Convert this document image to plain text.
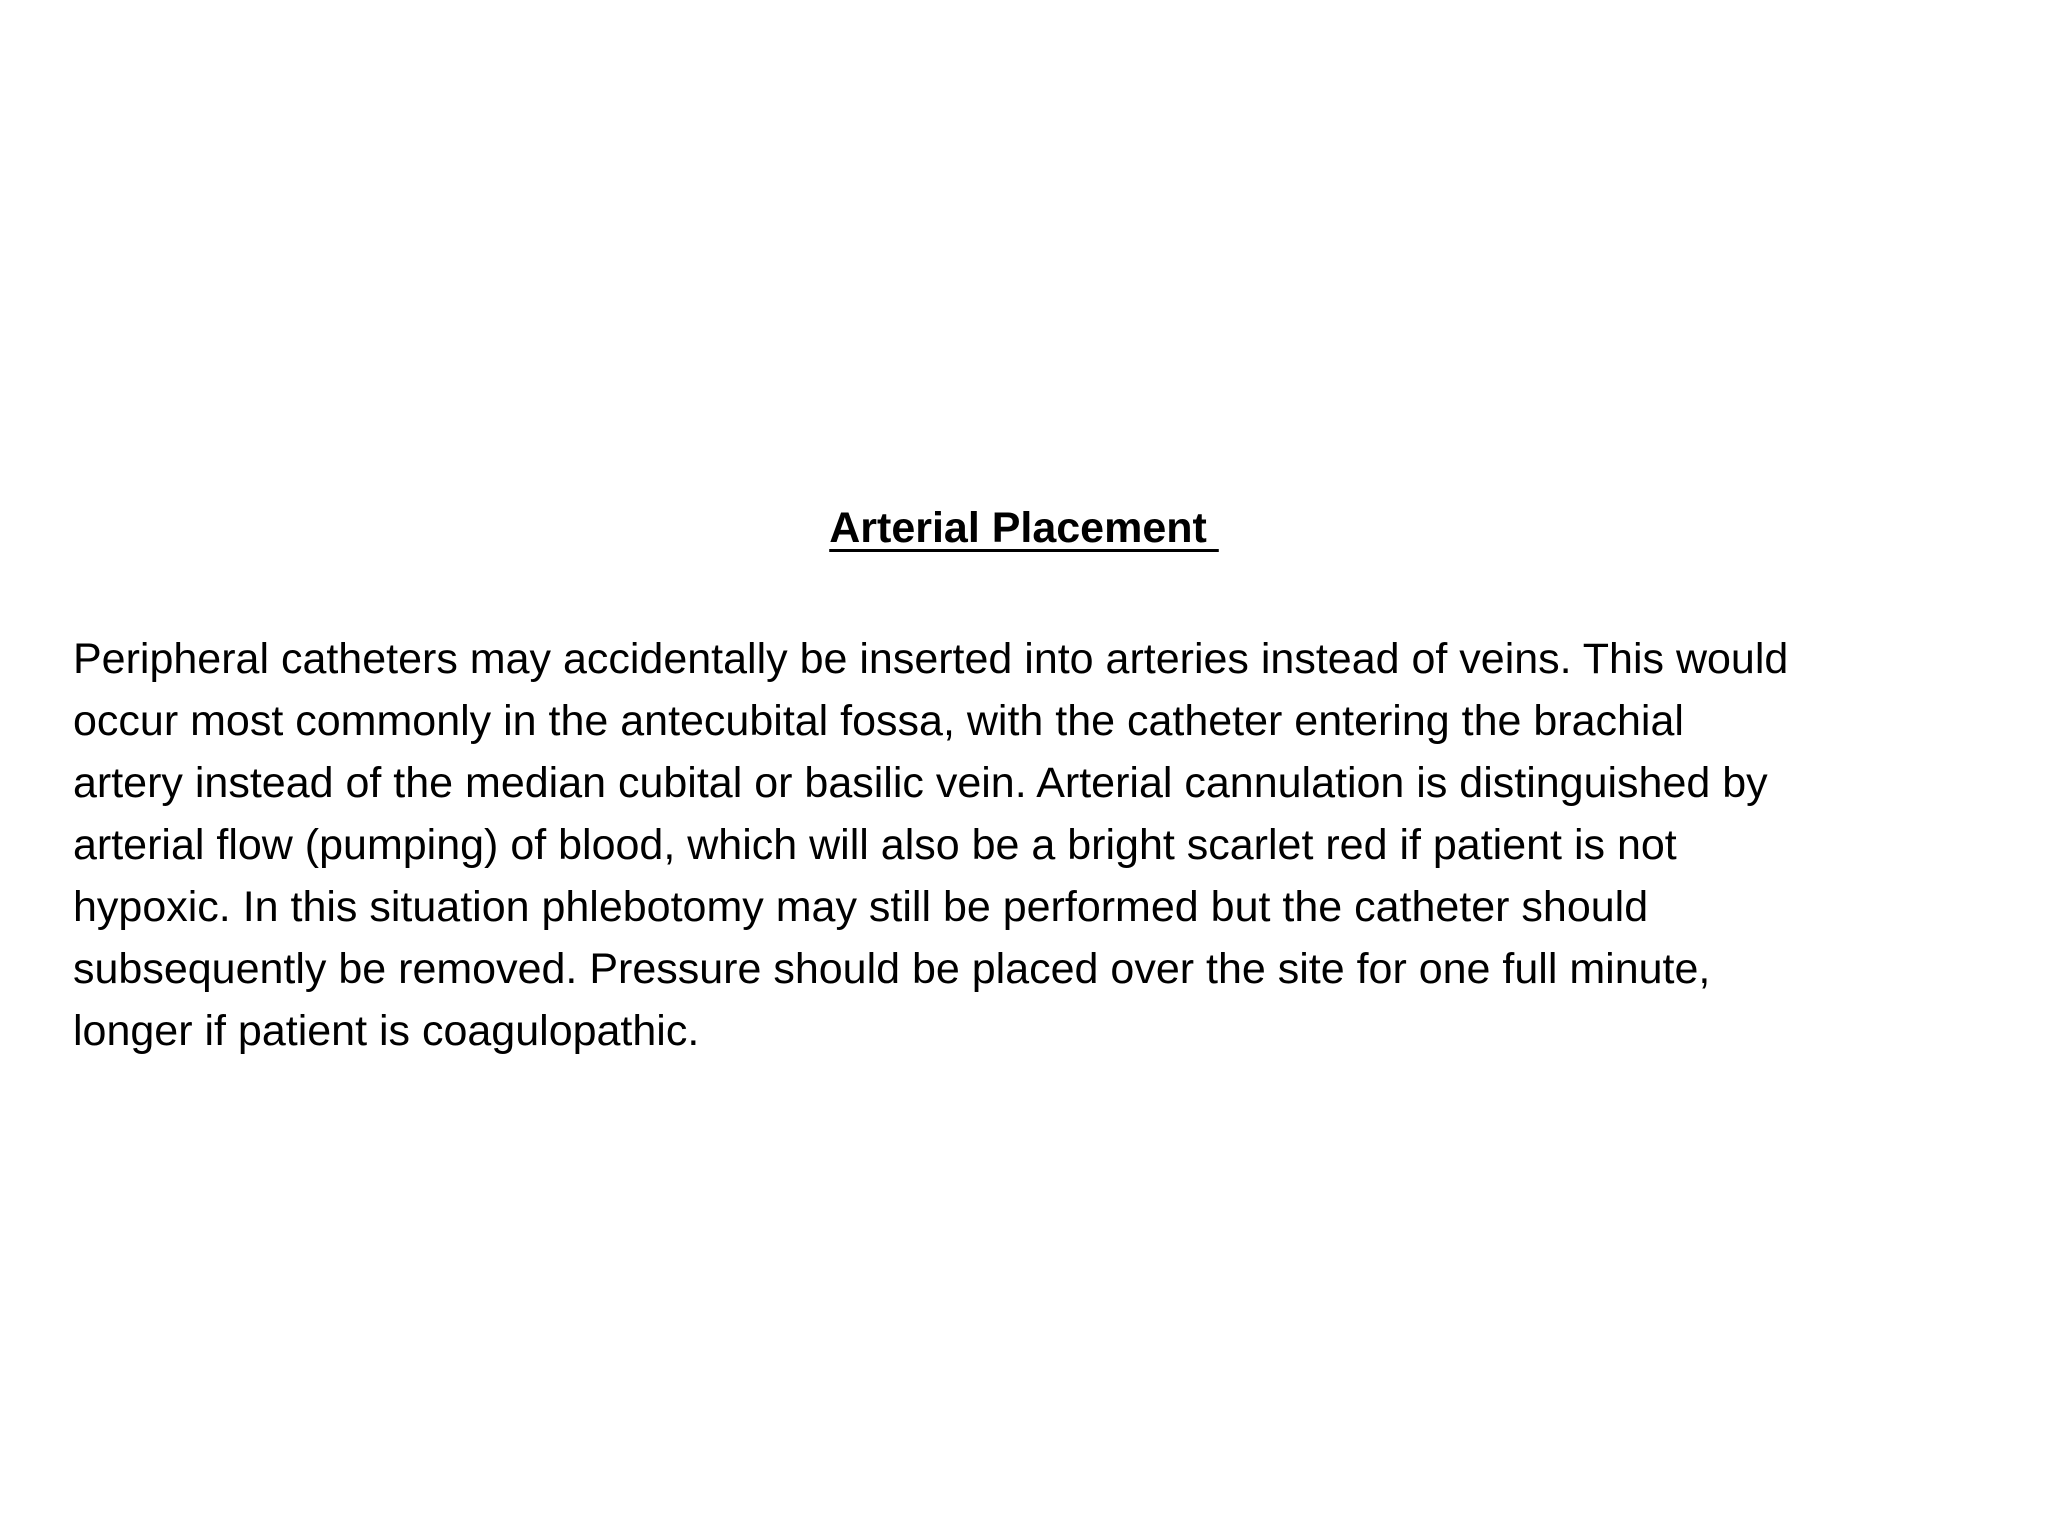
Arterial Placement
Peripheral catheters may accidentally be inserted into arteries instead of veins. This would
occur most commonly in the antecubital fossa, with the catheter entering the brachial
artery instead of the median cubital or basilic vein. Arterial cannulation is distinguished by
arterial flow (pumping) of blood, which will also be a bright scarlet red if patient is not
hypoxic. In this situation phlebotomy may still be performed but the catheter should
subsequently be removed. Pressure should be placed over the site for one full minute,
longer if patient is coagulopathic.
